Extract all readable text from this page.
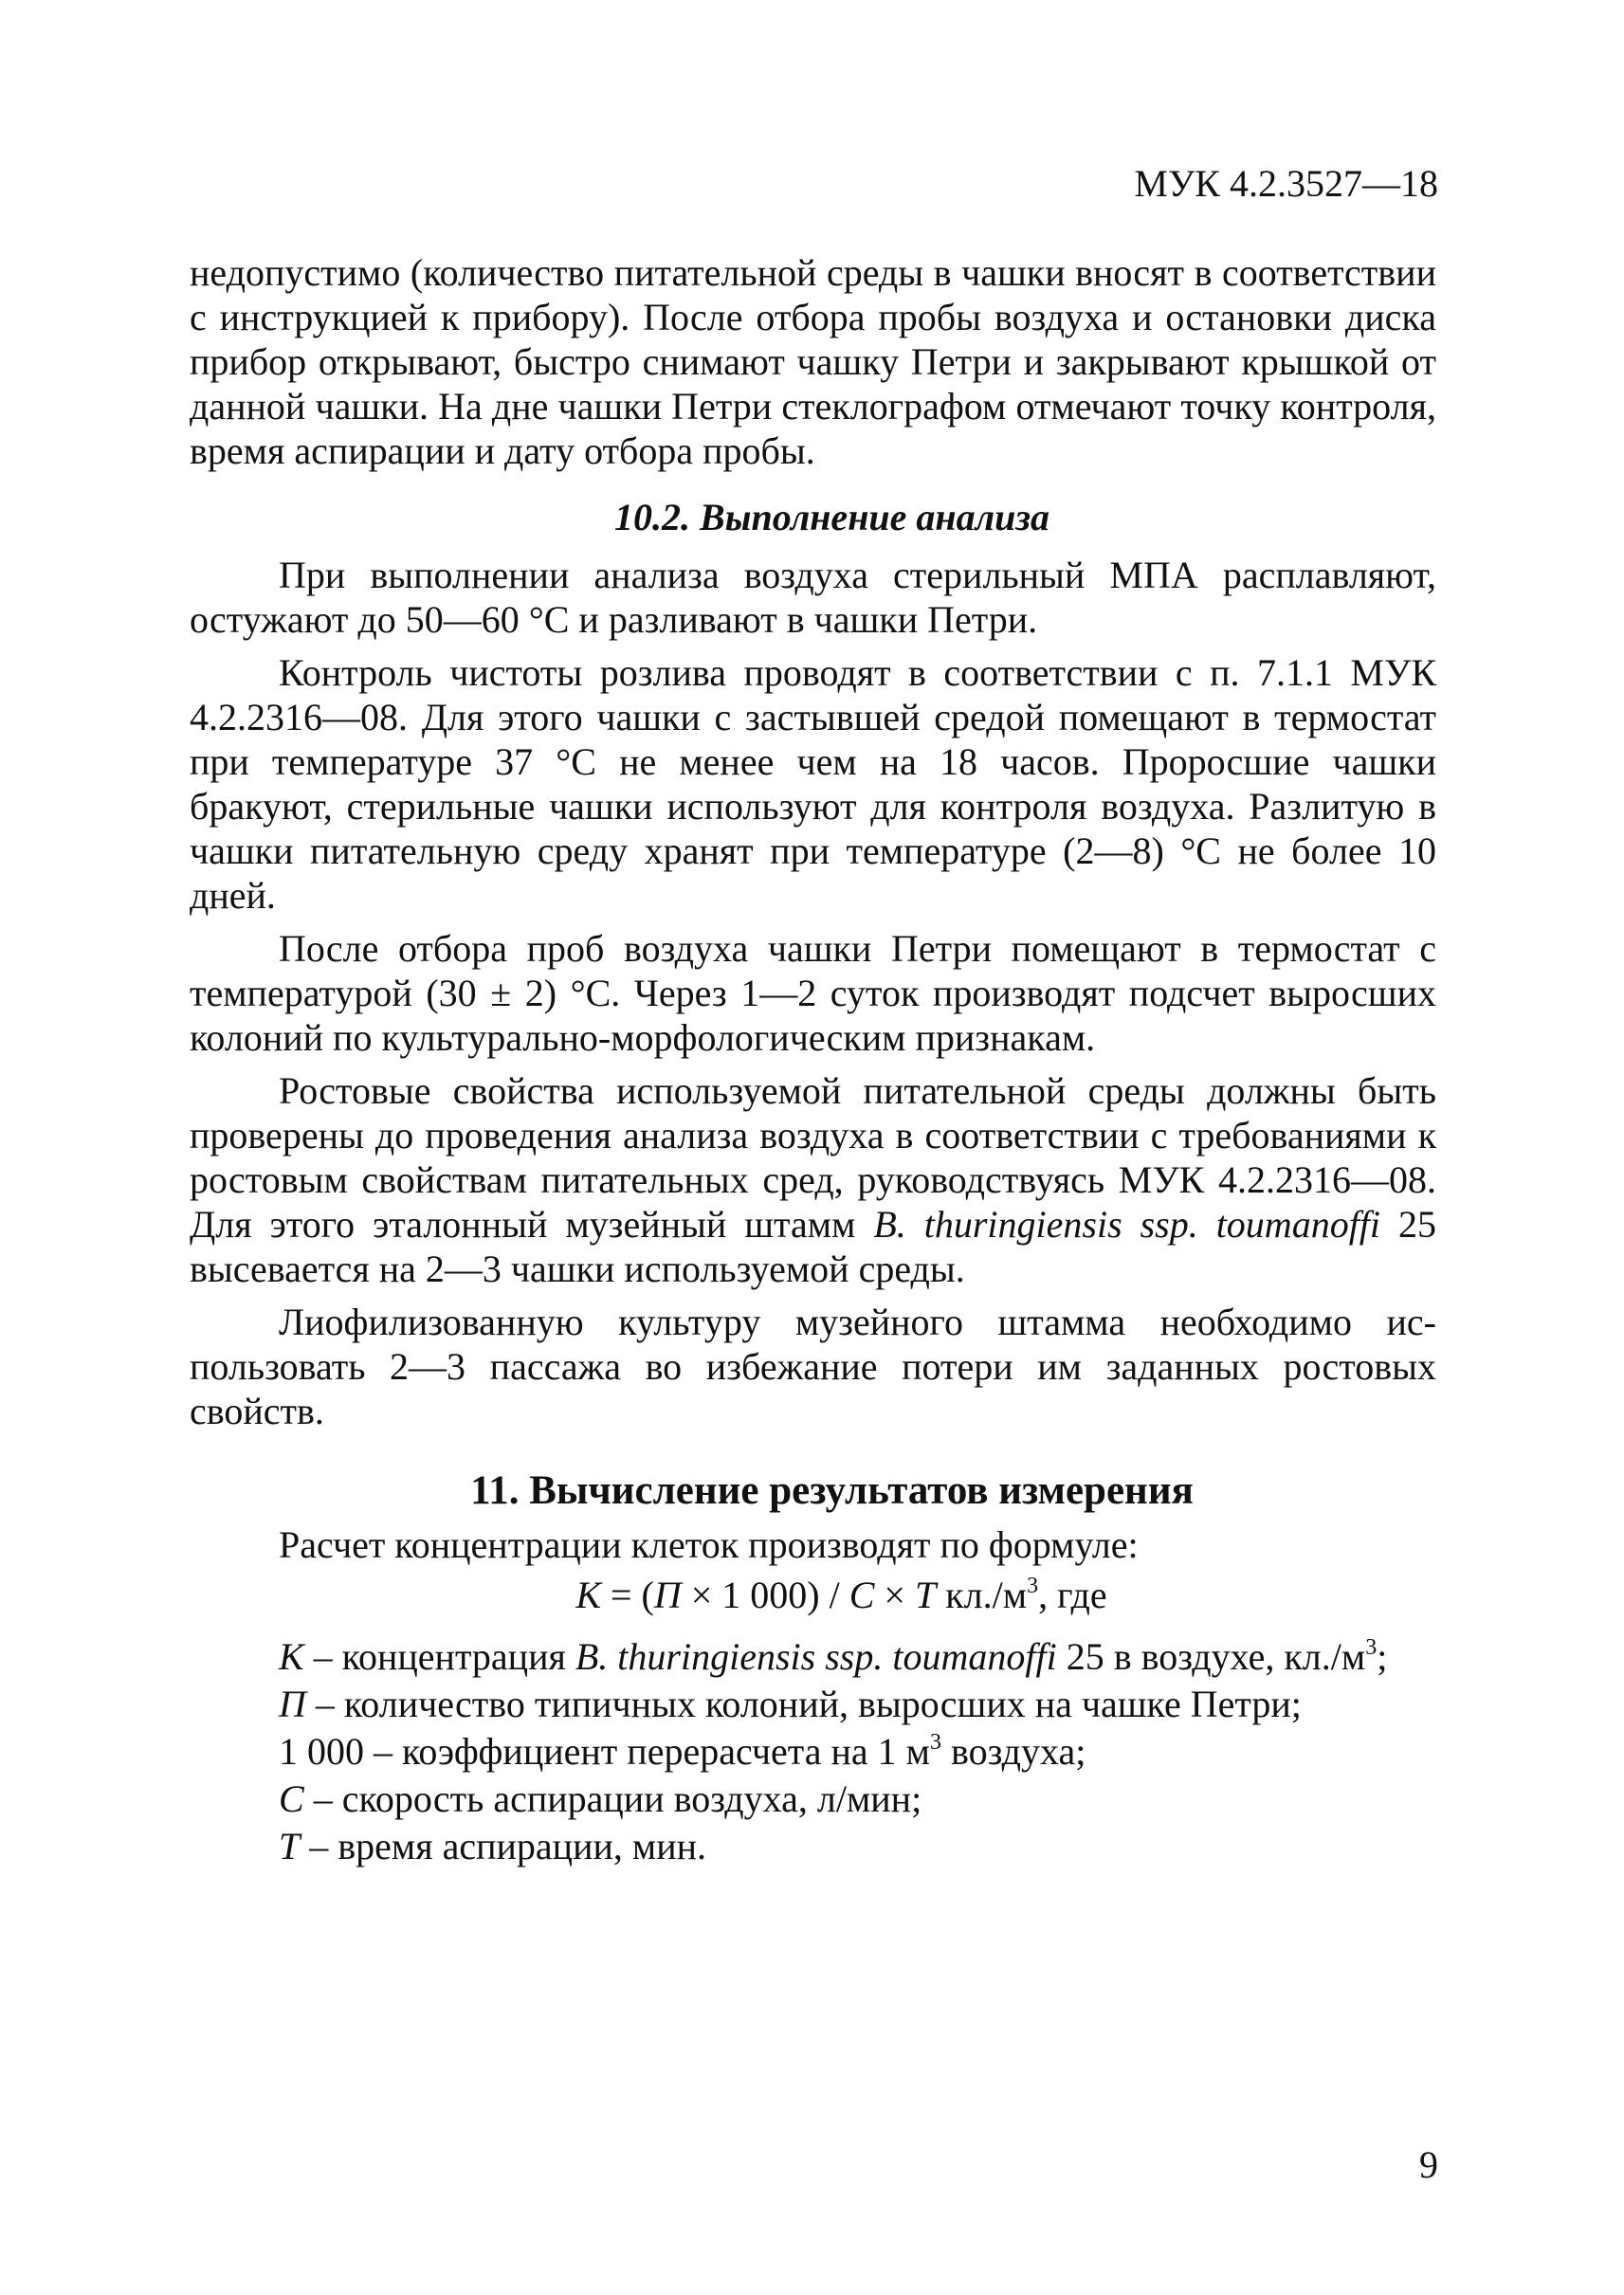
МУК 4.2.3527—18

недопустимо (количество питательной среды в чашки вносят в соответствии с инструкцией к прибору). После отбора пробы воздуха и остановки диска прибор открывают, быстро снимают чашку Петри и закрывают крышкой от данной чашки. На дне чашки Петри стеклографом отмечают точку контроля, время аспирации и дату отбора пробы.

10.2. Выполнение анализа

При выполнении анализа воздуха стерильный МПА расплавляют, остужают до 50—60 °С и разливают в чашки Петри.

Контроль чистоты розлива проводят в соответствии с п. 7.1.1 МУК 4.2.2316—08. Для этого чашки с застывшей средой помещают в термостат при температуре 37 °С не менее чем на 18 часов. Проросшие чашки бракуют, стерильные чашки используют для контроля воздуха. Разлитую в чашки питательную среду хранят при температуре (2—8) °С не более 10 дней.

После отбора проб воздуха чашки Петри помещают в термостат с температурой (30 ± 2) °С. Через 1—2 суток производят подсчет выросших колоний по культурально-морфологическим признакам.

Ростовые свойства используемой питательной среды должны быть проверены до проведения анализа воздуха в соответствии с требованиями к ростовым свойствам питательных сред, руководствуясь МУК 4.2.2316—08. Для этого эталонный музейный штамм B. thuringiensis ssp. toumanoffi 25 высевается на 2—3 чашки используемой среды.

Лиофилизованную культуру музейного штамма необходимо использовать 2—3 пассажа во избежание потери им заданных ростовых свойств.

11. Вычисление результатов измерения

Расчет концентрации клеток производят по формуле:

К = (П × 1 000) / С × Т $кл./м^3$, где

К – концентрация B. thuringiensis ssp. toumanoffi 25 в воздухе, $кл./м^3$;

П – количество типичных колоний, выросших на чашке Петри;

1 000 – коэффициент перерасчета на 1 $м^3$ воздуха;

С – скорость аспирации воздуха, л/мин;

Т – время аспирации, мин.

9
